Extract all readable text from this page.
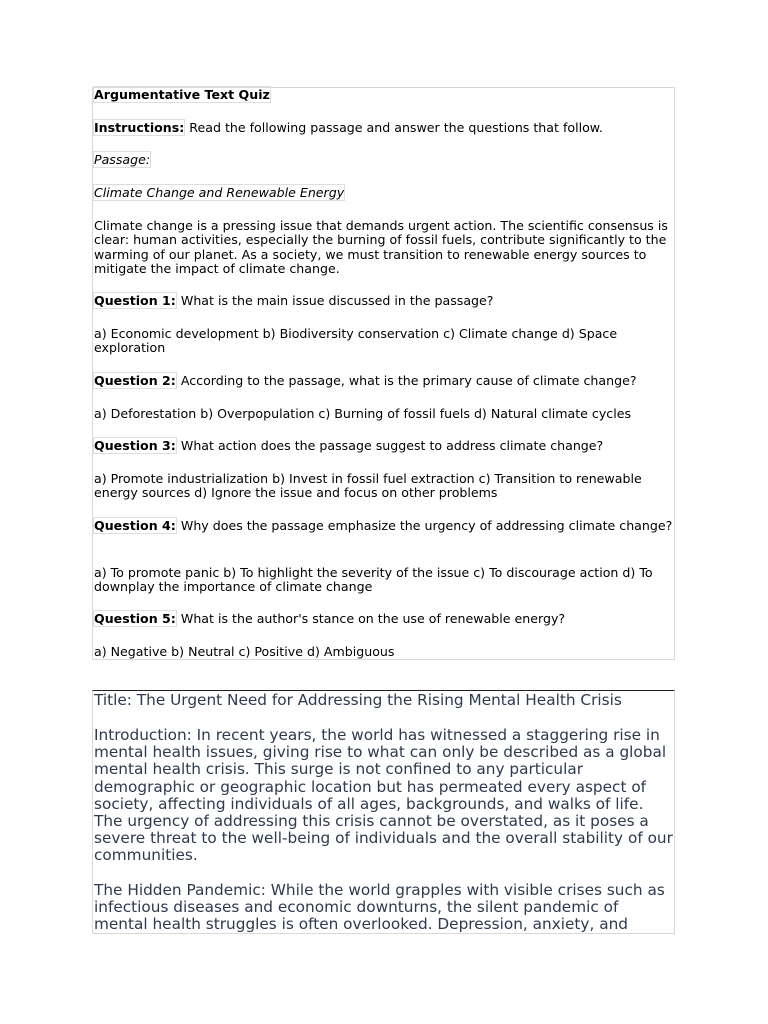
Argumentative Text Quiz

Instructions: Read the following passage and answer the questions that follow.

Passage:

Climate Change and Renewable Energy

Climate change is a pressing issue that demands urgent action. The scientific consensus is clear: human activities, especially the burning of fossil fuels, contribute significantly to the warming of our planet. As a society, we must transition to renewable energy sources to mitigate the impact of climate change.

Question 1: What is the main issue discussed in the passage?

a) Economic development b) Biodiversity conservation c) Climate change d) Space exploration

Question 2: According to the passage, what is the primary cause of climate change?

a) Deforestation b) Overpopulation c) Burning of fossil fuels d) Natural climate cycles

Question 3: What action does the passage suggest to address climate change?

a) Promote industrialization b) Invest in fossil fuel extraction c) Transition to renewable energy sources d) Ignore the issue and focus on other problems

Question 4: Why does the passage emphasize the urgency of addressing climate change?

a) To promote panic b) To highlight the severity of the issue c) To discourage action d) To downplay the importance of climate change

Question 5: What is the author's stance on the use of renewable energy?

a) Negative b) Neutral c) Positive d) Ambiguous

Title: The Urgent Need for Addressing the Rising Mental Health Crisis

Introduction: In recent years, the world has witnessed a staggering rise in mental health issues, giving rise to what can only be described as a global mental health crisis. This surge is not confined to any particular demographic or geographic location but has permeated every aspect of society, affecting individuals of all ages, backgrounds, and walks of life. The urgency of addressing this crisis cannot be overstated, as it poses a severe threat to the well-being of individuals and the overall stability of our communities.

The Hidden Pandemic: While the world grapples with visible crises such as infectious diseases and economic downturns, the silent pandemic of mental health struggles is often overlooked. Depression, anxiety, and
